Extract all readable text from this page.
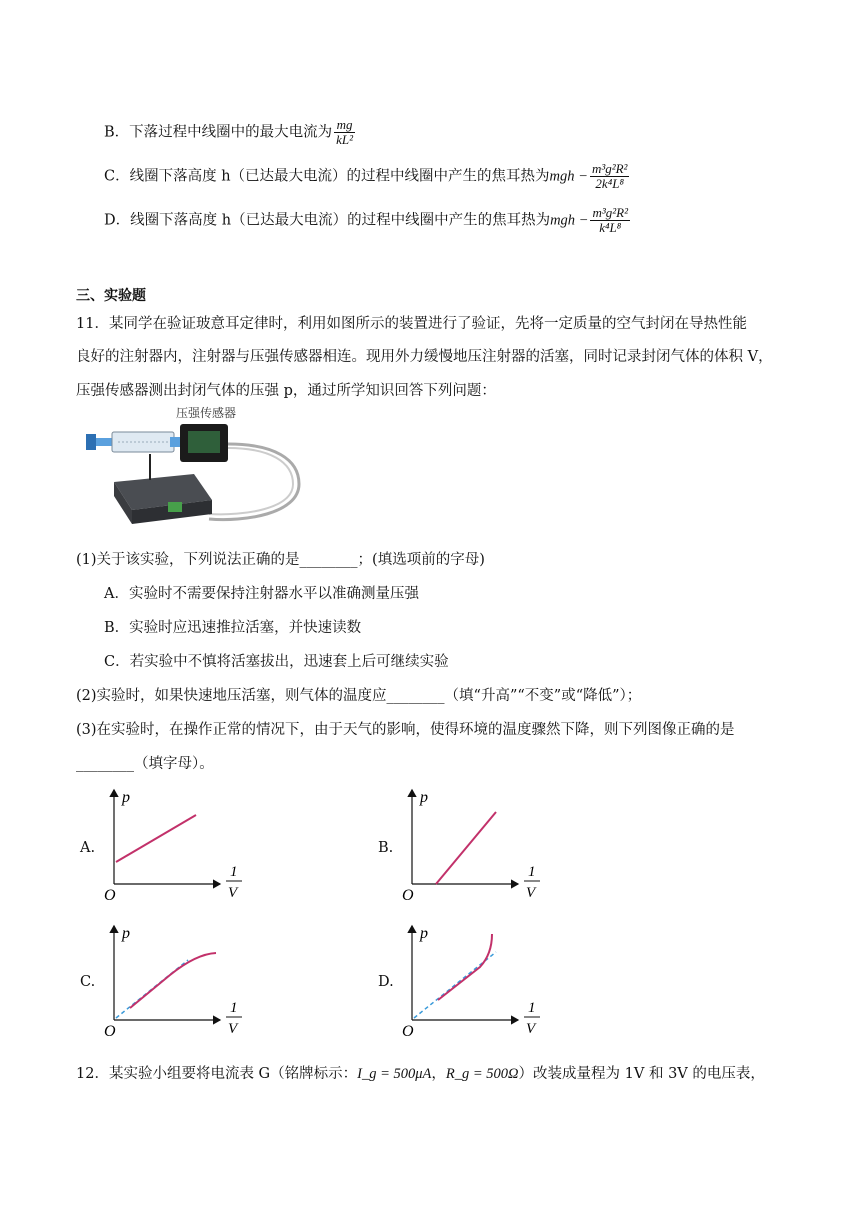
B．下落过程中线圈中的最大电流为 $\frac{mg}{\text{kL²}}$
C．线圈下落高度 h（已达最大电流）的过程中线圈中产生的焦耳热为mgh − $\frac{\text{m³g²R²}}{\text{2k⁴L⁸}}$
D．线圈下落高度 h（已达最大电流）的过程中线圈中产生的焦耳热为mgh − $\frac{\text{m³g²R²}}{\text{k⁴L⁸}}$
三、实验题
11．某同学在验证玻意耳定律时，利用如图所示的装置进行了验证，先将一定质量的空气封闭在导热性能
良好的注射器内，注射器与压强传感器相连。现用外力缓慢地压注射器的活塞，同时记录封闭气体的体积 V，
压强传感器测出封闭气体的压强 p，通过所学知识回答下列问题：
压强传感器
(1)关于该实验，下列说法正确的是________；(填选项前的字母)
A．实验时不需要保持注射器水平以准确测量压强
B．实验时应迅速推拉活塞，并快速读数
C．若实验中不慎将活塞拔出，迅速套上后可继续实验
(2)实验时，如果快速地压活塞，则气体的温度应________（填“升高”“不变”或“降低”）；
(3)在实验时，在操作正常的情况下，由于天气的影响，使得环境的温度骤然下降，则下列图像正确的是
________（填字母）。
A.
p
O
1
V
B.
p
O
1
V
C.
p
O
1
V
D.
p
O
1
V
12．某实验小组要将电流表 G（铭牌标示：I_g = 500μA，R_g = 500Ω）改装成量程为 1V 和 3V 的电压表，
